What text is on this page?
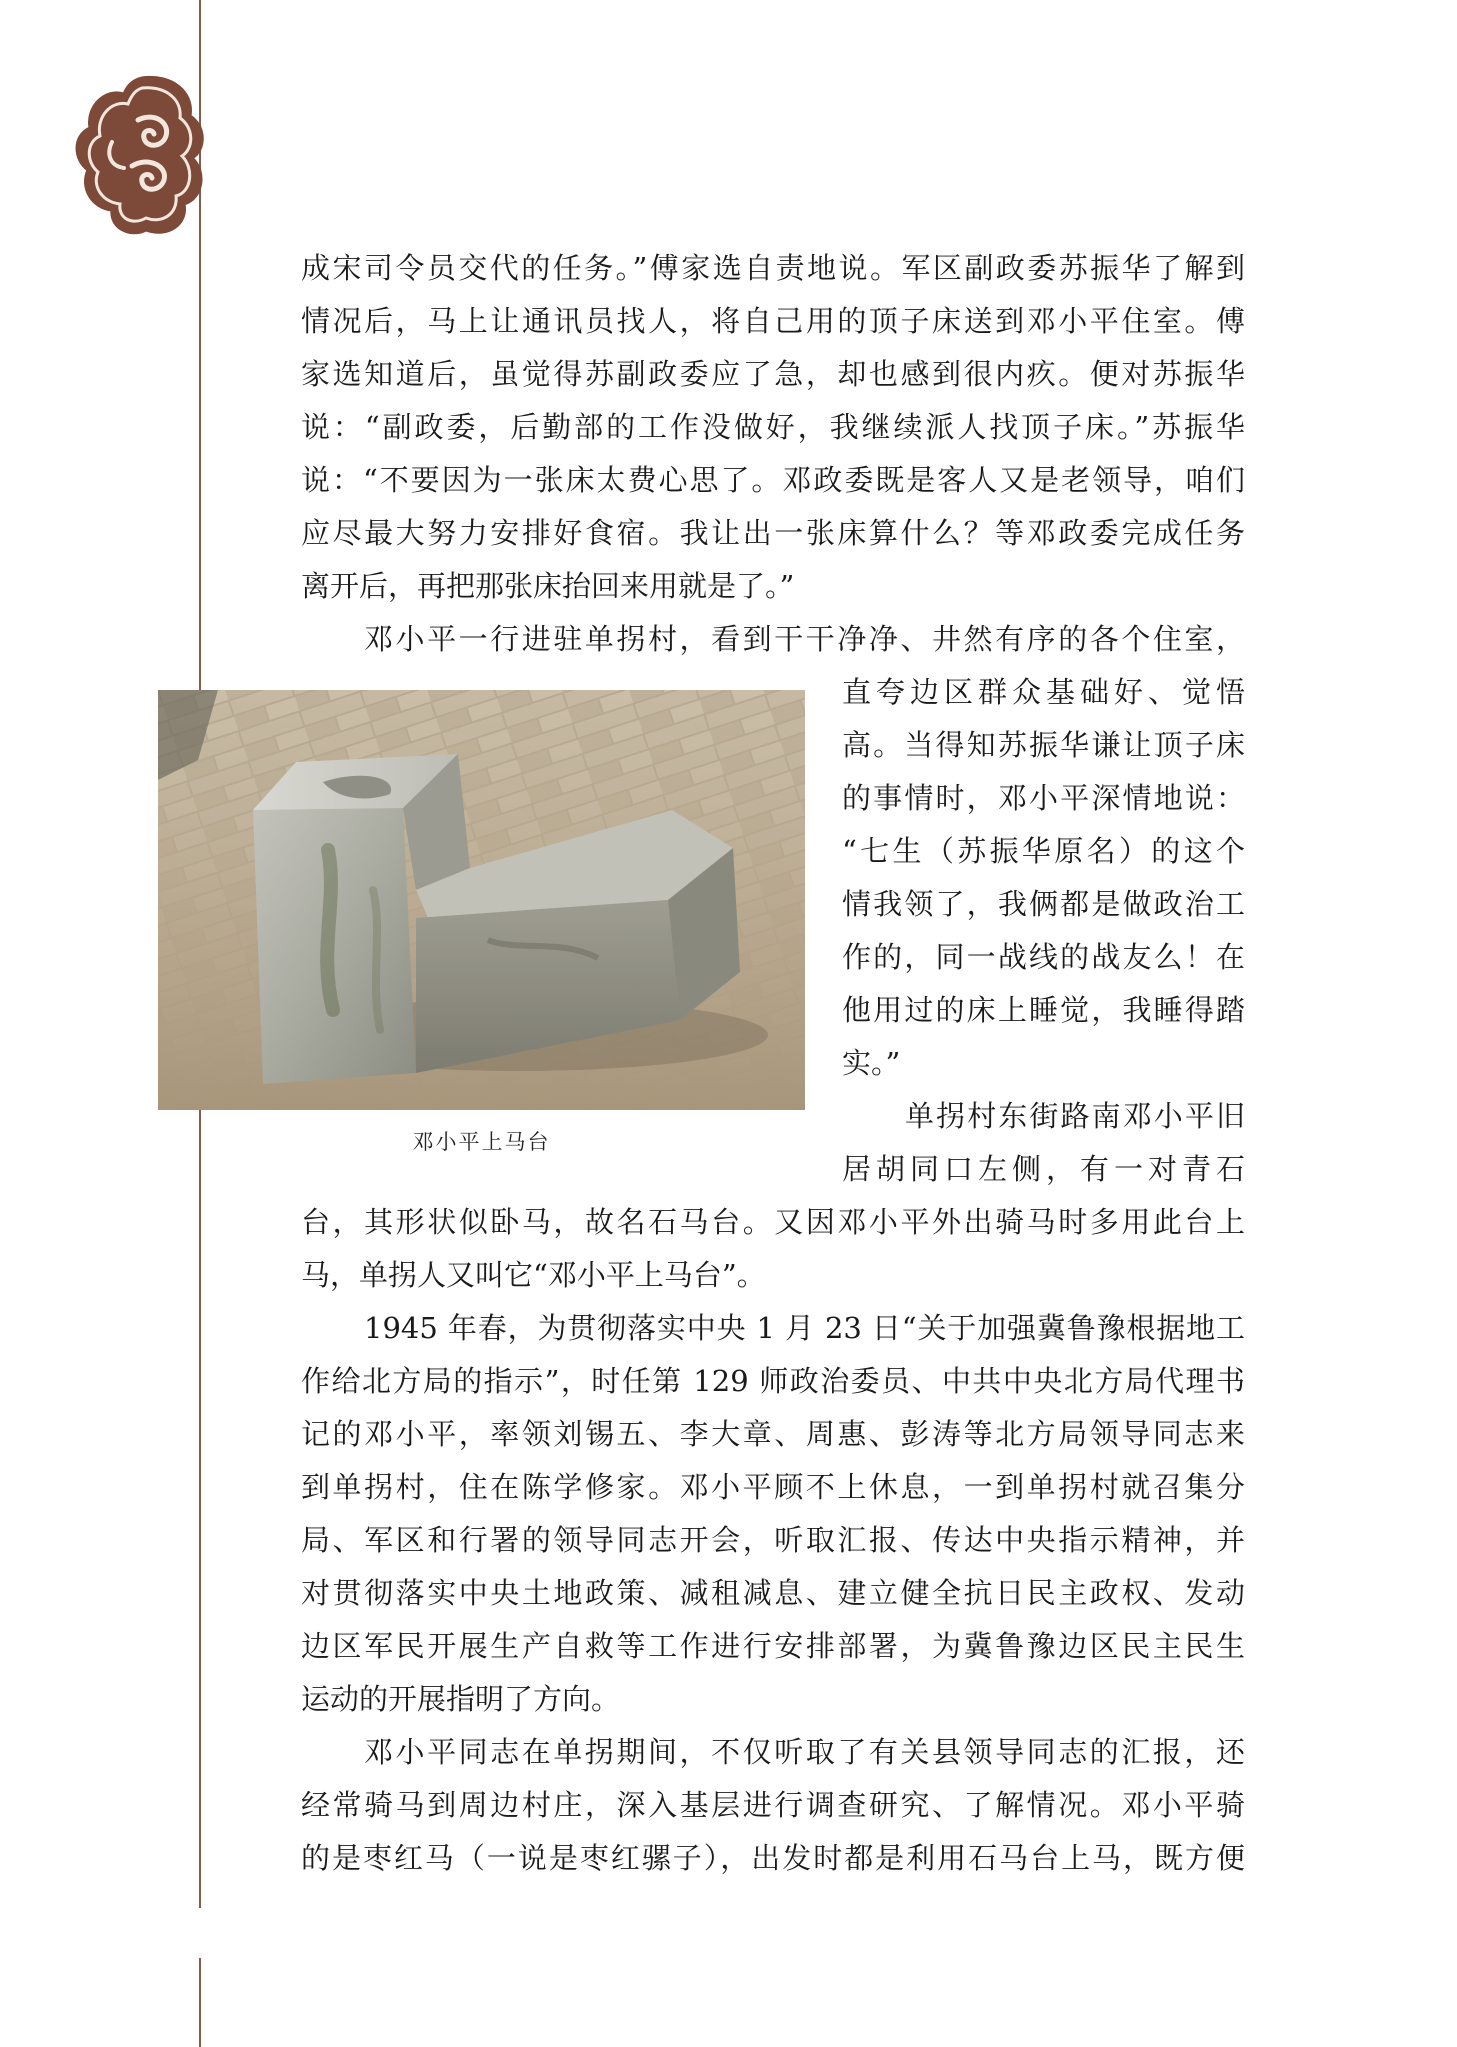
成宋司令员交代的任务。”傅家选自责地说。军区副政委苏振华了解到
情况后，马上让通讯员找人，将自己用的顶子床送到邓小平住室。傅
家选知道后，虽觉得苏副政委应了急，却也感到很内疚。便对苏振华
说：“副政委，后勤部的工作没做好，我继续派人找顶子床。”苏振华
说：“不要因为一张床太费心思了。邓政委既是客人又是老领导，咱们
应尽最大努力安排好食宿。我让出一张床算什么？等邓政委完成任务
离开后，再把那张床抬回来用就是了。”
邓小平一行进驻单拐村，看到干干净净、井然有序的各个住室，
直夸边区群众基础好、觉悟
高。当得知苏振华谦让顶子床
的事情时，邓小平深情地说：
“七生（苏振华原名）的这个
情我领了，我俩都是做政治工
作的，同一战线的战友么！在
他用过的床上睡觉，我睡得踏
实。”
单拐村东街路南邓小平旧
居胡同口左侧，有一对青石
台，其形状似卧马，故名石马台。又因邓小平外出骑马时多用此台上
马，单拐人又叫它“邓小平上马台”。
1945 年春，为贯彻落实中央 1 月 23 日“关于加强冀鲁豫根据地工
作给北方局的指示”，时任第 129 师政治委员、中共中央北方局代理书
记的邓小平，率领刘锡五、李大章、周惠、彭涛等北方局领导同志来
到单拐村，住在陈学修家。邓小平顾不上休息，一到单拐村就召集分
局、军区和行署的领导同志开会，听取汇报、传达中央指示精神，并
对贯彻落实中央土地政策、减租减息、建立健全抗日民主政权、发动
边区军民开展生产自救等工作进行安排部署，为冀鲁豫边区民主民生
运动的开展指明了方向。
邓小平同志在单拐期间，不仅听取了有关县领导同志的汇报，还
经常骑马到周边村庄，深入基层进行调查研究、了解情况。邓小平骑
的是枣红马（一说是枣红骡子），出发时都是利用石马台上马，既方便
邓小平上马台
